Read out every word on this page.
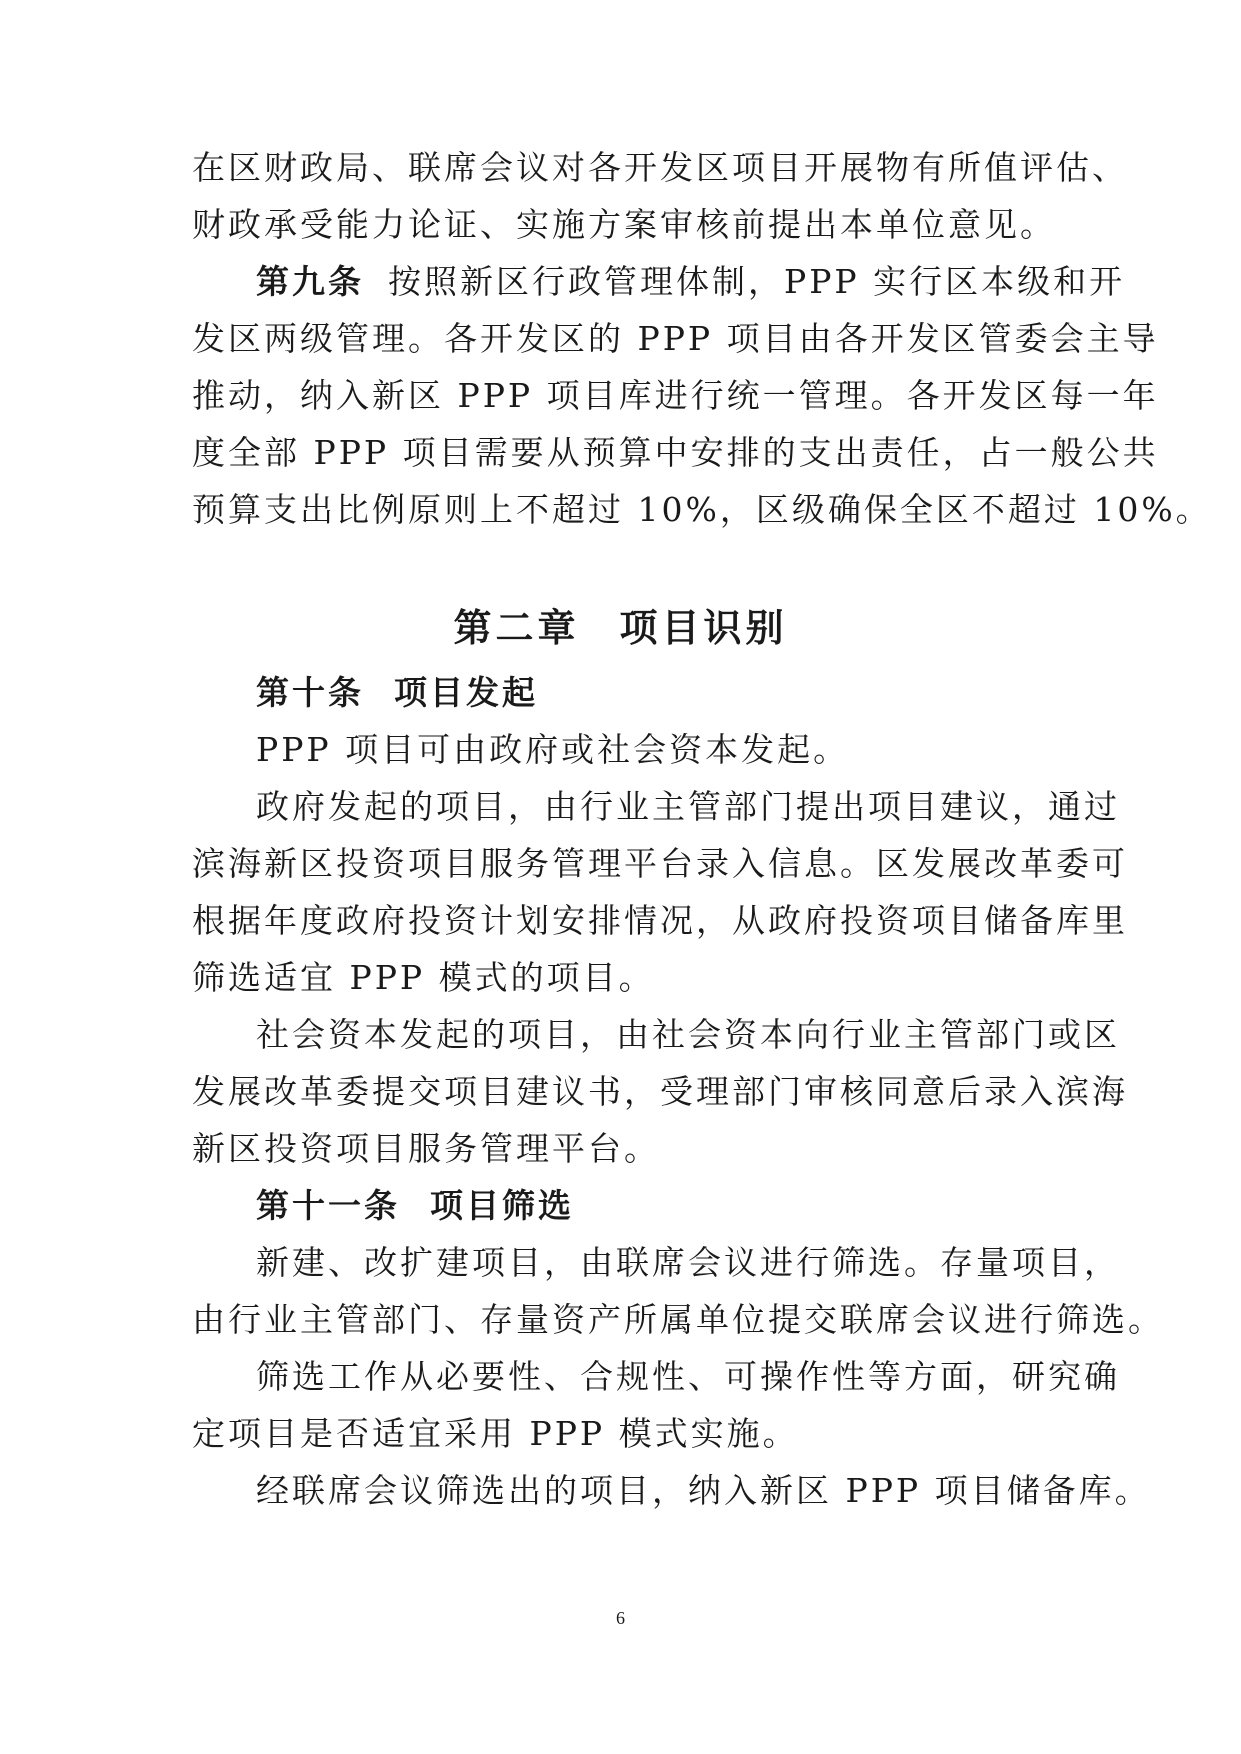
在区财政局、联席会议对各开发区项目开展物有所值评估、
财政承受能力论证、实施方案审核前提出本单位意见。
第九条 按照新区行政管理体制，PPP 实行区本级和开
发区两级管理。各开发区的 PPP 项目由各开发区管委会主导
推动，纳入新区 PPP 项目库进行统一管理。各开发区每一年
度全部 PPP 项目需要从预算中安排的支出责任，占一般公共
预算支出比例原则上不超过 10%，区级确保全区不超过 10%。
第二章 项目识别
第十条 项目发起
PPP 项目可由政府或社会资本发起。
政府发起的项目，由行业主管部门提出项目建议，通过
滨海新区投资项目服务管理平台录入信息。区发展改革委可
根据年度政府投资计划安排情况，从政府投资项目储备库里
筛选适宜 PPP 模式的项目。
社会资本发起的项目，由社会资本向行业主管部门或区
发展改革委提交项目建议书，受理部门审核同意后录入滨海
新区投资项目服务管理平台。
第十一条 项目筛选
新建、改扩建项目，由联席会议进行筛选。存量项目，
由行业主管部门、存量资产所属单位提交联席会议进行筛选。
筛选工作从必要性、合规性、可操作性等方面，研究确
定项目是否适宜采用 PPP 模式实施。
经联席会议筛选出的项目，纳入新区 PPP 项目储备库。
6
